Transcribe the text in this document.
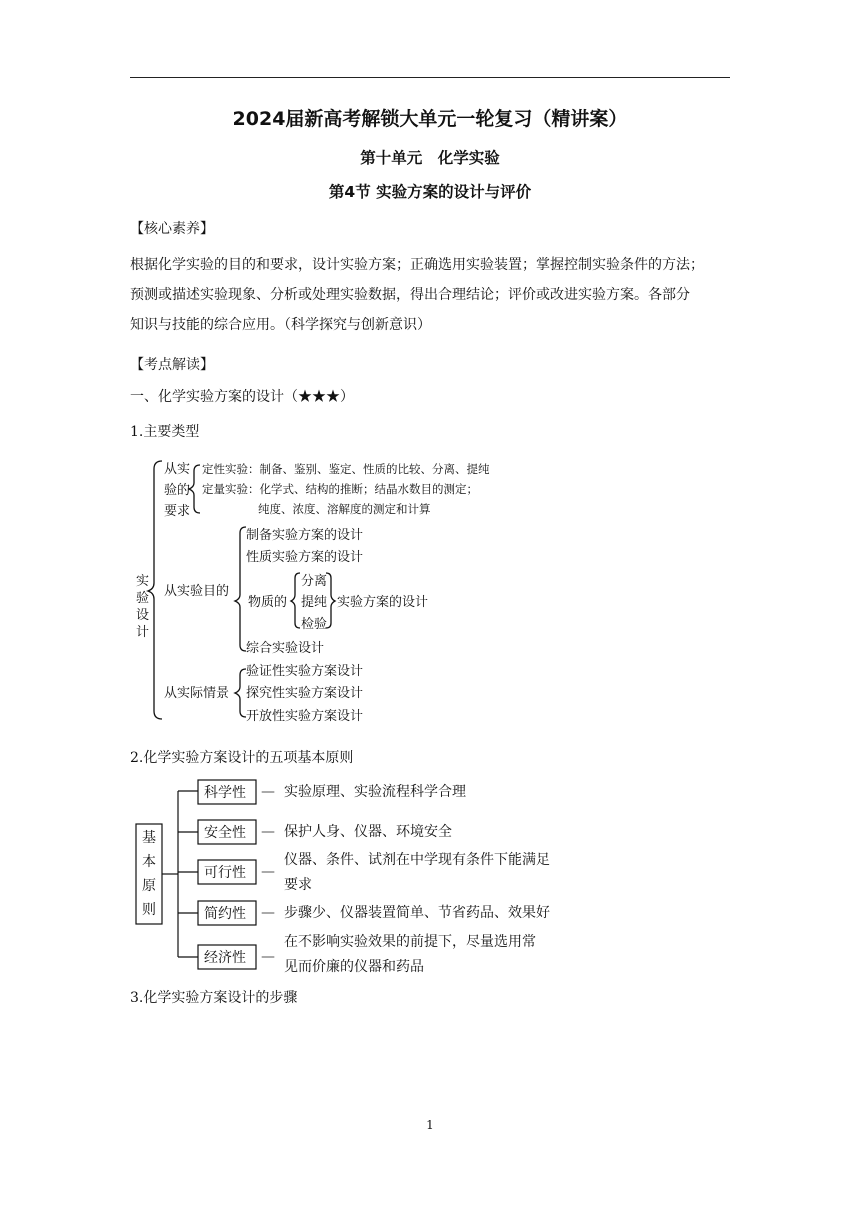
2024届新高考解锁大单元一轮复习（精讲案）
第十单元　化学实验
第4节 实验方案的设计与评价
【核心素养】
根据化学实验的目的和要求，设计实验方案；正确选用实验装置；掌握控制实验条件的方法；
预测或描述实验现象、分析或处理实验数据，得出合理结论；评价或改进实验方案。各部分
知识与技能的综合应用。（科学探究与创新意识）
【考点解读】
一、化学实验方案的设计（★★★）
1.主要类型
实
验
设
计
从实
验的
要求
定性实验：制备、鉴别、鉴定、性质的比较、分离、提纯
定量实验：化学式、结构的推断；结晶水数目的测定；
纯度、浓度、溶解度的测定和计算
制备实验方案的设计
性质实验方案的设计
从实验目的
物质的
分离
提纯
检验
实验方案的设计
综合实验设计
从实际情景
验证性实验方案设计
探究性实验方案设计
开放性实验方案设计
2.化学实验方案设计的五项基本原则
基
本
原
则
科学性
安全性
可行性
简约性
经济性
—
—
—
—
—
实验原理、实验流程科学合理
保护人身、仪器、环境安全
仪器、条件、试剂在中学现有条件下能满足
要求
步骤少、仪器装置简单、节省药品、效果好
在不影响实验效果的前提下，尽量选用常
见而价廉的仪器和药品
3.化学实验方案设计的步骤
1
